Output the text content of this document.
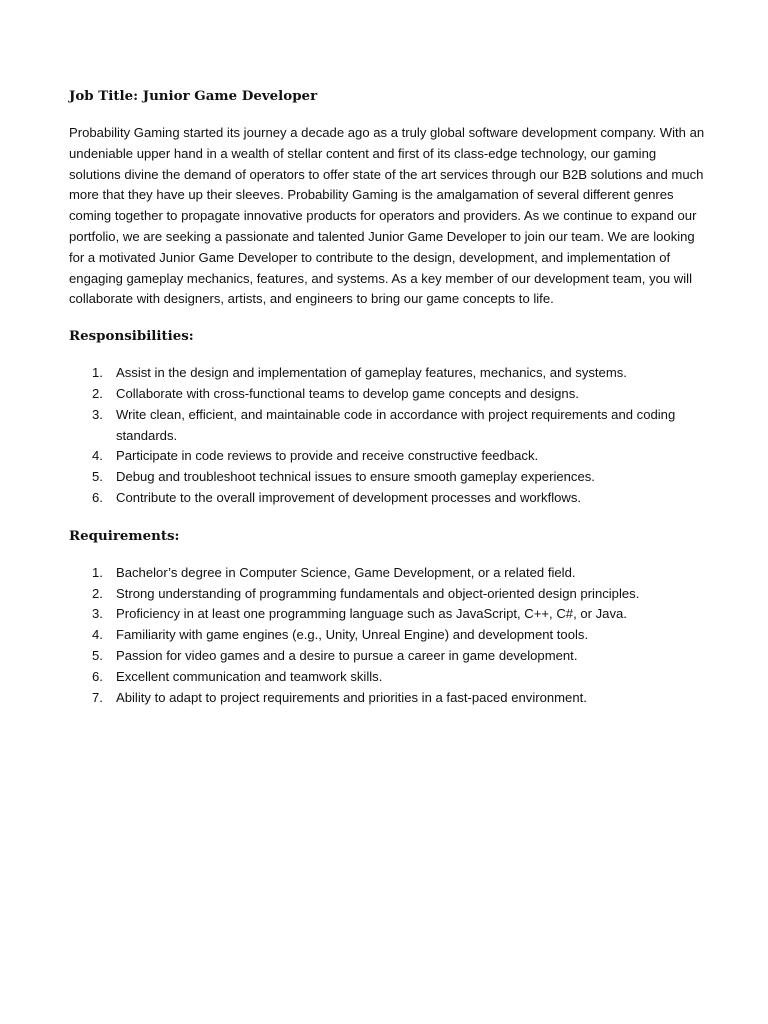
Job Title: Junior Game Developer

Probability Gaming started its journey a decade ago as a truly global software development company. With an undeniable upper hand in a wealth of stellar content and first of its class-edge technology, our gaming solutions divine the demand of operators to offer state of the art services through our B2B solutions and much more that they have up their sleeves. Probability Gaming is the amalgamation of several different genres coming together to propagate innovative products for operators and providers. As we continue to expand our portfolio, we are seeking a passionate and talented Junior Game Developer to join our team. We are looking for a motivated Junior Game Developer to contribute to the design, development, and implementation of engaging gameplay mechanics, features, and systems. As a key member of our development team, you will collaborate with designers, artists, and engineers to bring our game concepts to life.

Responsibilities:
1. Assist in the design and implementation of gameplay features, mechanics, and systems.
2. Collaborate with cross-functional teams to develop game concepts and designs.
3. Write clean, efficient, and maintainable code in accordance with project requirements and coding standards.
4. Participate in code reviews to provide and receive constructive feedback.
5. Debug and troubleshoot technical issues to ensure smooth gameplay experiences.
6. Contribute to the overall improvement of development processes and workflows.
Requirements:
1. Bachelor’s degree in Computer Science, Game Development, or a related field.
2. Strong understanding of programming fundamentals and object-oriented design principles.
3. Proficiency in at least one programming language such as JavaScript, C++, C#, or Java.
4. Familiarity with game engines (e.g., Unity, Unreal Engine) and development tools.
5. Passion for video games and a desire to pursue a career in game development.
6. Excellent communication and teamwork skills.
7. Ability to adapt to project requirements and priorities in a fast-paced environment.
